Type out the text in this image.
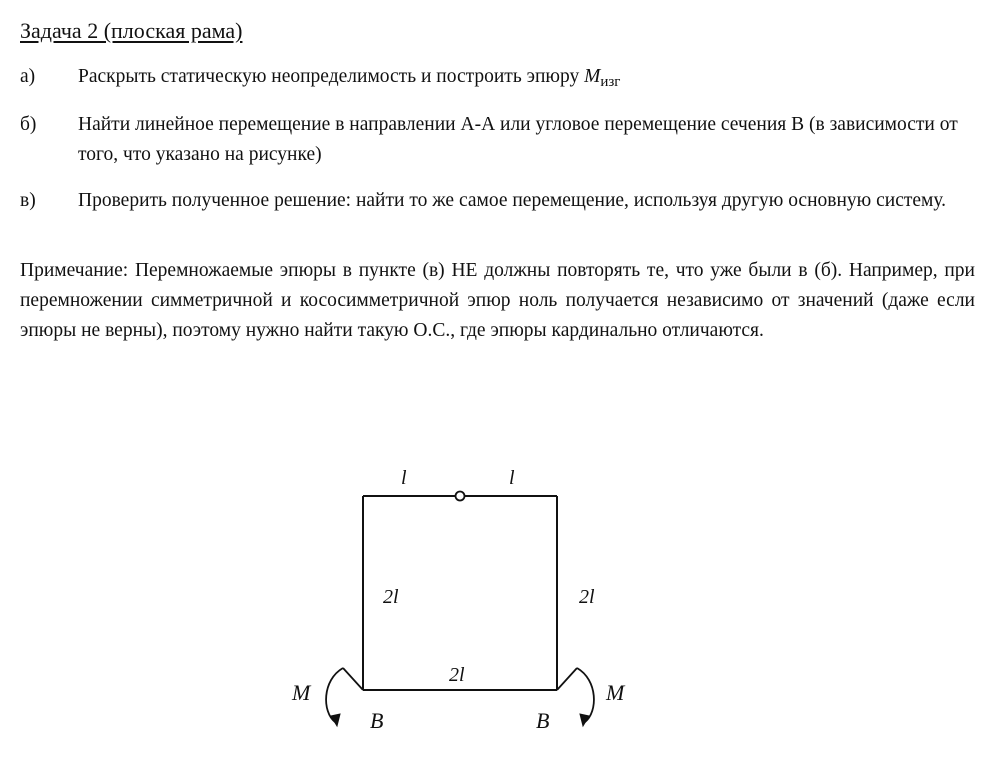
Задача 2 (плоская рама)
а) Раскрыть статическую неопределимость и построить эпюру $M_{изг}$
б) Найти линейное перемещение в направлении А-А или угловое перемещение сечения В (в зависимости от того, что указано на рисунке)
в) Проверить полученное решение: найти то же самое перемещение, используя другую основную систему.
Примечание: Перемножаемые эпюры в пункте (в) НЕ должны повторять те, что уже были в (б). Например, при перемножении симметричной и кососимметричной эпюр ноль получается независимо от значений (даже если эпюры не верны), поэтому нужно найти такую О.С., где эпюры кардинально отличаются.
l	l
2l	2l
2l
M	M
B	B
